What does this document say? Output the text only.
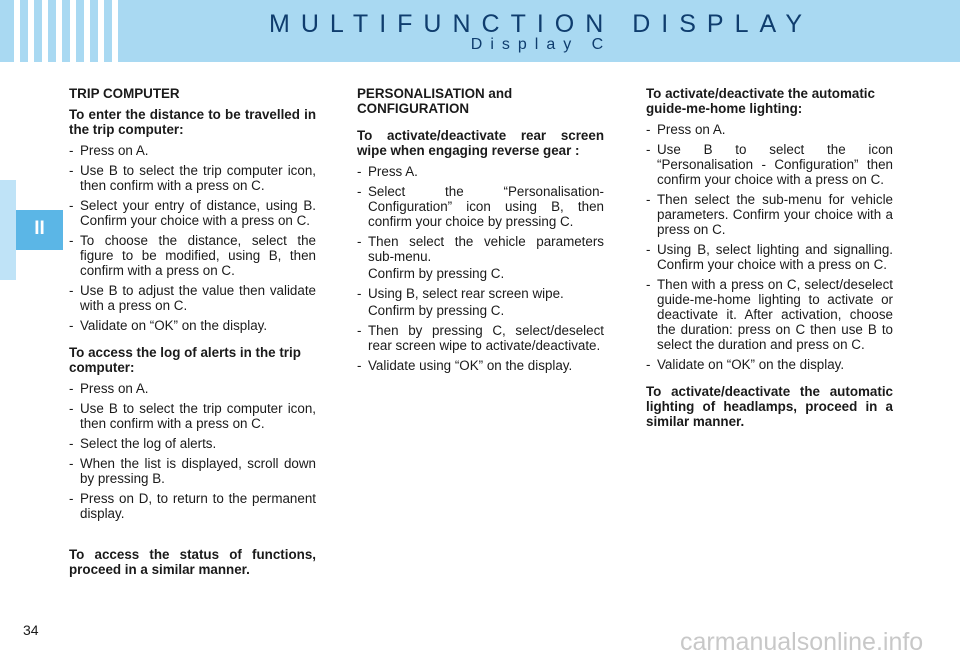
MULTIFUNCTION DISPLAY
Display C
II
TRIP COMPUTER
To enter the distance to be travelled in the trip computer:
- Press on A.
- Use B to select the trip computer icon, then confirm with a press on C.
- Select your entry of distance, using B. Confirm your choice with a press on C.
- To choose the distance, select the figure to be modified, using B, then confirm with a press on C.
- Use B to adjust the value then validate with a press on C.
- Validate on “OK” on the display.
To access the log of alerts in the trip computer:
- Press on A.
- Use B to select the trip computer icon, then confirm with a press on C.
- Select the log of alerts.
- When the list is displayed, scroll down by pressing B.
- Press on D, to return to the permanent display.
To access the status of functions, proceed in a similar manner.
PERSONALISATION and CONFIGURATION
To activate/deactivate rear screen wipe when engaging reverse gear :
- Press A.
- Select the “Personalisation-Configuration” icon using B, then confirm your choice by pressing C.
- Then select the vehicle parameters sub-menu.
Confirm by pressing C.
- Using B, select rear screen wipe.
Confirm by pressing C.
- Then by pressing C, select/deselect rear screen wipe to activate/deactivate.
- Validate using “OK” on the display.
To activate/deactivate the automatic guide-me-home lighting:
- Press on A.
- Use B to select the icon “Personalisation - Configuration” then confirm your choice with a press on C.
- Then select the sub-menu for vehicle parameters. Confirm your choice with a press on C.
- Using B, select lighting and signalling. Confirm your choice with a press on C.
- Then with a press on C, select/deselect guide-me-home lighting to activate or deactivate it. After activation, choose the duration: press on C then use B to select the duration and press on C.
- Validate on “OK” on the display.
To activate/deactivate the automatic lighting of headlamps, proceed in a similar manner.
34	carmanualsonline.info
